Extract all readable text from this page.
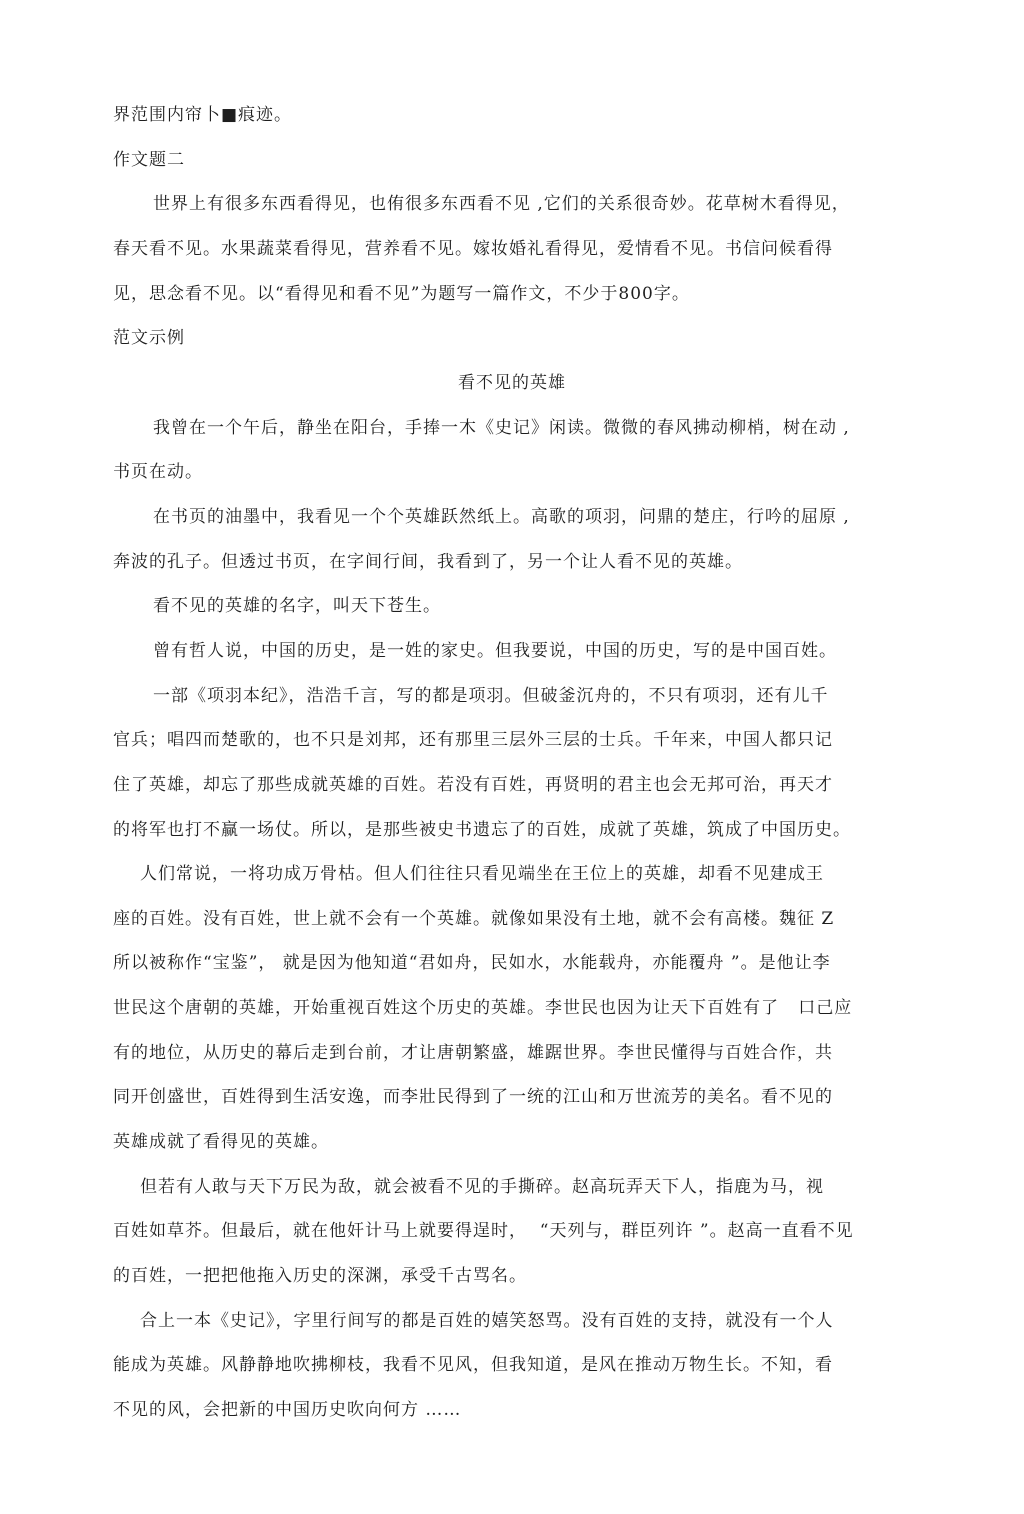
界范围内帘卜■痕迹。

作文题二

世界上有很多东西看得见，也侑很多东西看不见 ,它们的关系很奇妙。花草树木看得见，

春天看不见。水果蔬菜看得见，营养看不见。嫁妆婚礼看得见，爱情看不见。书信问候看得

见，思念看不见。以“看得见和看不见”为题写一篇作文，不少于800字。

范文示例

看不见的英雄

我曾在一个午后，静坐在阳台，手捧一木《史记》闲读。微微的春风拂动柳梢，树在动 ,

书页在动。

在书页的油墨中，我看见一个个英雄跃然纸上。高歌的项羽，问鼎的楚庄，行吟的屈原 ,

奔波的孔子。但透过书页，在字间行间，我看到了，另一个让人看不见的英雄。

看不见的英雄的名字，叫天下苍生。

曾有哲人说，中国的历史，是一姓的家史。但我要说，中国的历史，写的是中国百姓。

一部《项羽本纪》，浩浩千言，写的都是项羽。但破釜沉舟的，不只有项羽，还有儿千

官兵；唱四而楚歌的，也不只是刘邦，还有那里三层外三层的士兵。千年来，中国人都只记

住了英雄，却忘了那些成就英雄的百姓。若没有百姓，再贤明的君主也会无邦可治，再天才

的将军也打不赢一场仗。所以，是那些被史书遗忘了的百姓，成就了英雄，筑成了中国历史。

人们常说，一将功成万骨枯。但人们往往只看见端坐在王位上的英雄，却看不见建成王

座的百姓。没有百姓，世上就不会有一个英雄。就像如果没有土地，就不会有高楼。魏征 Z

所以被称作“宝鉴”， 就是因为他知道“君如舟，民如水，水能载舟，亦能覆舟 ”。是他让李

世民这个唐朝的英雄，开始重视百姓这个历史的英雄。李世民也因为让天下百姓有了   口己应

有的地位，从历史的幕后走到台前，才让唐朝繁盛，雄踞世界。李世民懂得与百姓合作，共

同开创盛世，百姓得到生活安逸，而李壯民得到了一统的江山和万世流芳的美名。看不见的

英雄成就了看得见的英雄。

但若有人敢与天下万民为敌，就会被看不见的手撕碎。赵高玩弄天下人，指鹿为马，视

百姓如草芥。但最后，就在他奸计马上就要得逞时，  “天列与，群臣列许 ”。赵高一直看不见

的百姓，一把把他拖入历史的深渊，承受千古骂名。

合上一本《史记》，字里行间写的都是百姓的嬉笑怒骂。没有百姓的支持，就没有一个人

能成为英雄。风静静地吹拂柳枝，我看不见风，但我知道，是风在推动万物生长。不知，看

不见的风，会把新的中国历史吹向何方 ……
